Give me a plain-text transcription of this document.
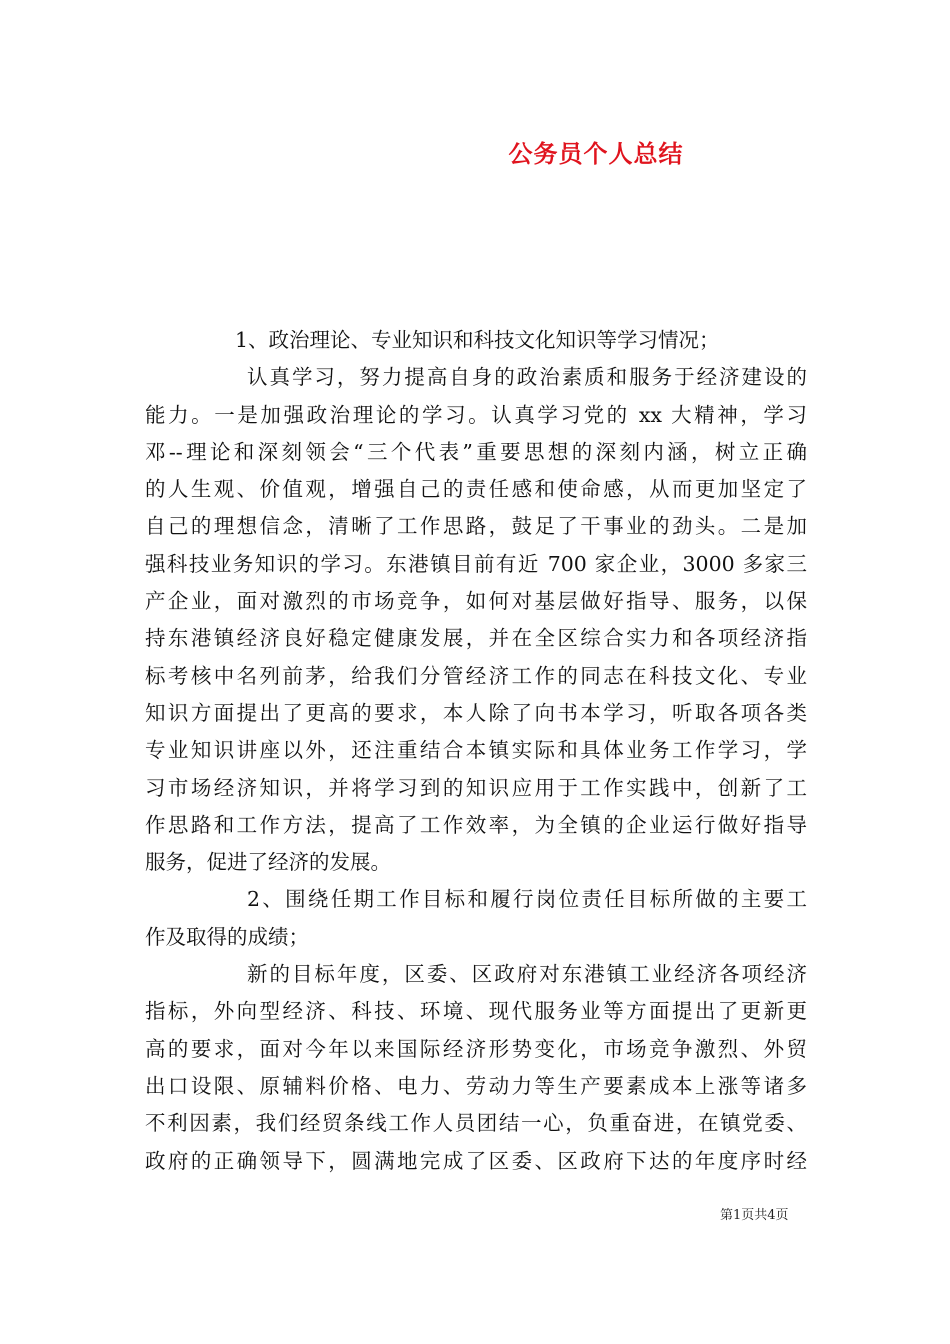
公务员个人总结
1、政治理论、专业知识和科技文化知识等学习情况；
认真学习，努力提高自身的政治素质和服务于经济建设的
能力。一是加强政治理论的学习。认真学习党的 xx 大精神，学习
邓--理论和深刻领会“三个代表”重要思想的深刻内涵，树立正确
的人生观、价值观，增强自己的责任感和使命感，从而更加坚定了
自己的理想信念，清晰了工作思路，鼓足了干事业的劲头。二是加
强科技业务知识的学习。东港镇目前有近 700 家企业，3000 多家三
产企业，面对激烈的市场竞争，如何对基层做好指导、服务，以保
持东港镇经济良好稳定健康发展，并在全区综合实力和各项经济指
标考核中名列前茅，给我们分管经济工作的同志在科技文化、专业
知识方面提出了更高的要求，本人除了向书本学习，听取各项各类
专业知识讲座以外，还注重结合本镇实际和具体业务工作学习，学
习市场经济知识，并将学习到的知识应用于工作实践中，创新了工
作思路和工作方法，提高了工作效率，为全镇的企业运行做好指导
服务，促进了经济的发展。
2、围绕任期工作目标和履行岗位责任目标所做的主要工
作及取得的成绩；
新的目标年度，区委、区政府对东港镇工业经济各项经济
指标，外向型经济、科技、环境、现代服务业等方面提出了更新更
高的要求，面对今年以来国际经济形势变化，市场竞争激烈、外贸
出口设限、原辅料价格、电力、劳动力等生产要素成本上涨等诸多
不利因素，我们经贸条线工作人员团结一心，负重奋进，在镇党委、
政府的正确领导下，圆满地完成了区委、区政府下达的年度序时经
第1页共4页
